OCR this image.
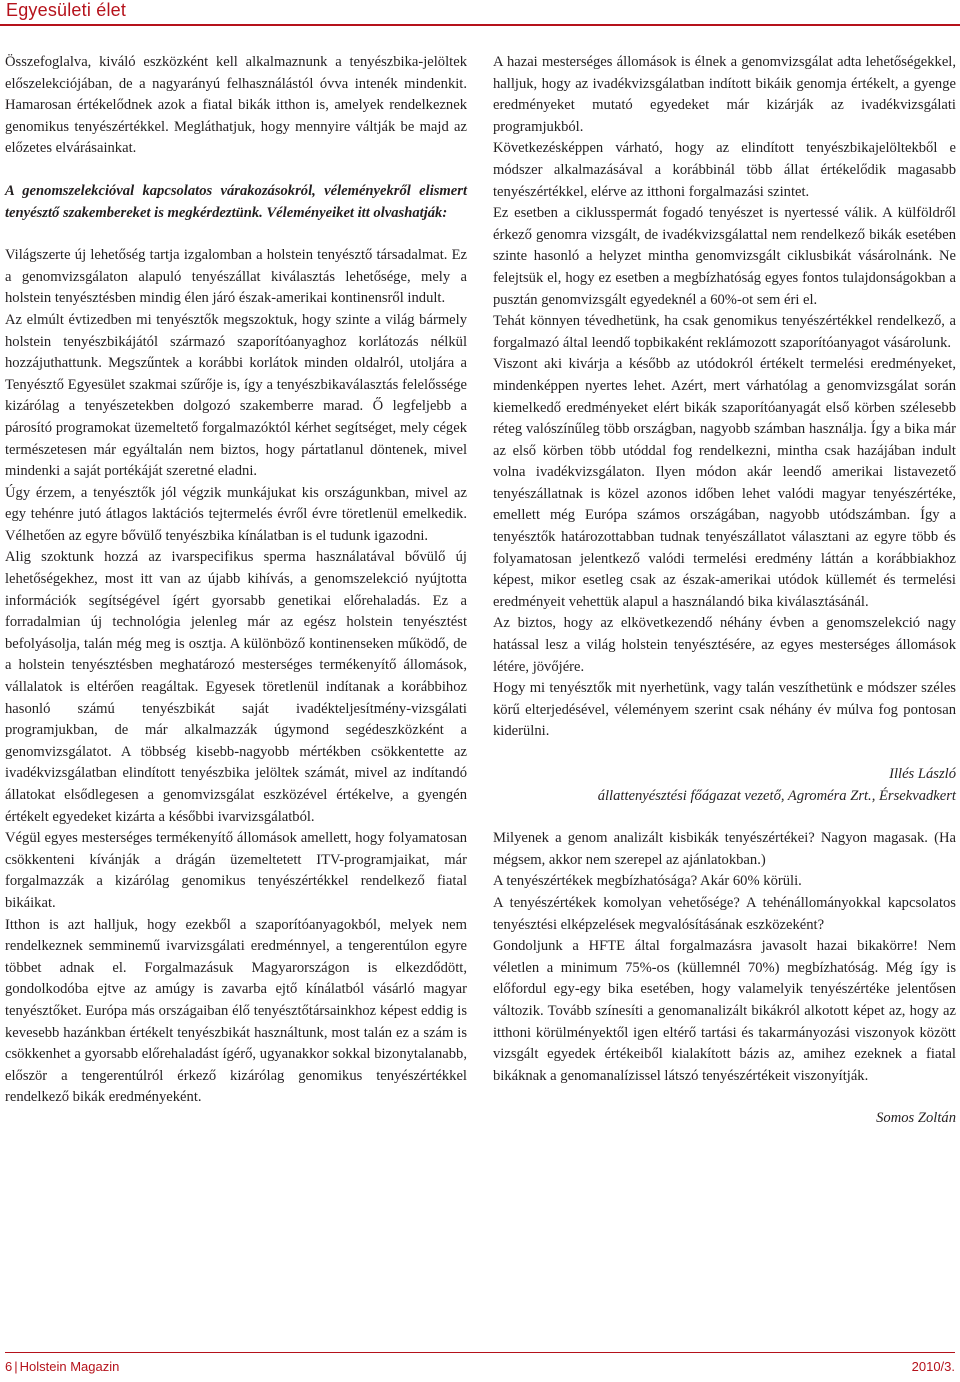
Egyesületi élet

Összefoglalva, kiváló eszközként kell alkalmaznunk a tenyészbika-jelöltek előszelekciójában, de a nagyarányú felhasználástól óvva intenék mindenkit. Hamarosan értékelődnek azok a fiatal bikák itthon is, amelyek rendelkeznek genomikus tenyészértékkel. Megláthatjuk, hogy mennyire váltják be majd az előzetes elvárásainkat.

A genomszelekcióval kapcsolatos várakozásokról, véleményekről elismert tenyésztő szakembereket is megkérdeztünk. Véleményeiket itt olvashatják:

Világszerte új lehetőség tartja izgalomban a holstein tenyésztő társadalmat. Ez a genomvizsgálaton alapuló tenyészállat kiválasztás lehetősége, mely a holstein tenyésztésben mindig élen járó észak-amerikai kontinensről indult.

Az elmúlt évtizedben mi tenyésztők megszoktuk, hogy szinte a világ bármely holstein tenyészbikájától származó szaporítóanyaghoz korlátozás nélkül hozzájuthattunk. Megszűntek a korábbi korlátok minden oldalról, utoljára a Tenyésztő Egyesület szakmai szűrője is, így a tenyészbikaválasztás felelőssége kizárólag a tenyészetekben dolgozó szakemberre marad. Ő legfeljebb a párosító programokat üzemeltető forgalmazóktól kérhet segítséget, mely cégek természetesen már egyáltalán nem biztos, hogy pártatlanul döntenek, mivel mindenki a saját portékáját szeretné eladni.

Úgy érzem, a tenyésztők jól végzik munkájukat kis országunkban, mivel az egy tehénre jutó átlagos laktációs tejtermelés évről évre töretlenül emelkedik. Vélhetően az egyre bővülő tenyészbika kínálatban is el tudunk igazodni.

Alig szoktunk hozzá az ivarspecifikus sperma használatával bővülő új lehetőségekhez, most itt van az újabb kihívás, a genomszelekció nyújtotta információk segítségével ígért gyorsabb genetikai előrehaladás. Ez a forradalmian új technológia jelenleg már az egész holstein tenyésztést befolyásolja, talán még meg is osztja. A különböző kontinenseken működő, de a holstein tenyésztésben meghatározó mesterséges termékenyítő állomások, vállalatok is eltérően reagáltak. Egyesek töretlenül indítanak a korábbihoz hasonló számú tenyészbikát saját ivadékteljesítmény-vizsgálati programjukban, de már alkalmazzák úgymond segédeszközként a genomvizsgálatot. A többség kisebb-nagyobb mértékben csökkentette az ivadékvizsgálatban elindított tenyészbika jelöltek számát, mivel az indítandó állatokat elsődlegesen a genomvizsgálat eszközével értékelve, a gyengén értékelt egyedeket kizárta a későbbi ivarvizsgálatból.

Végül egyes mesterséges termékenyítő állomások amellett, hogy folyamatosan csökkenteni kívánják a drágán üzemeltetett ITV-programjaikat, már forgalmazzák a kizárólag genomikus tenyészértékkel rendelkező fiatal bikáikat.

Itthon is azt halljuk, hogy ezekből a szaporítóanyagokból, melyek nem rendelkeznek semminemű ivarvizsgálati eredménnyel, a tengerentúlon egyre többet adnak el. Forgalmazásuk Magyarországon is elkezdődött, gondolkodóba ejtve az amúgy is zavarba ejtő kínálatból vásárló magyar tenyésztőket. Európa más országaiban élő tenyésztőtársainkhoz képest eddig is kevesebb hazánkban értékelt tenyészbikát használtunk, most talán ez a szám is csökkenhet a gyorsabb előrehaladást ígérő, ugyanakkor sokkal bizonytalanabb, először a tengerentúlról érkező kizárólag genomikus tenyészértékkel rendelkező bikák eredményeként.

A hazai mesterséges állomások is élnek a genomvizsgálat adta lehetőségekkel, halljuk, hogy az ivadékvizsgálatban indított bikáik genomja értékelt, a gyenge eredményeket mutató egyedeket már kizárják az ivadékvizsgálati programjukból.

Következésképpen várható, hogy az elindított tenyészbikajelöltekből e módszer alkalmazásával a korábbinál több állat értékelődik magasabb tenyészértékkel, elérve az itthoni forgalmazási szintet.

Ez esetben a ciklusspermát fogadó tenyészet is nyertessé válik. A külföldről érkező genomra vizsgált, de ivadékvizsgálattal nem rendelkező bikák esetében szinte hasonló a helyzet mintha genomvizsgált ciklusbikát vásárolnánk. Ne felejtsük el, hogy ez esetben a megbízhatóság egyes fontos tulajdonságokban a pusztán genomvizsgált egyedeknél a 60%-ot sem éri el.

Tehát könnyen tévedhetünk, ha csak genomikus tenyészértékkel rendelkező, a forgalmazó által leendő topbikaként reklámozott szaporítóanyagot vásárolunk.

Viszont aki kivárja a később az utódokról értékelt termelési eredményeket, mindenképpen nyertes lehet. Azért, mert várhatólag a genomvizsgálat során kiemelkedő eredményeket elért bikák szaporítóanyagát első körben szélesebb réteg valószínűleg több országban, nagyobb számban használja. Így a bika már az első körben több utóddal fog rendelkezni, mintha csak hazájában indult volna ivadékvizsgálaton. Ilyen módon akár leendő amerikai listavezető tenyészállatnak is közel azonos időben lehet valódi magyar tenyészértéke, emellett még Európa számos országában, nagyobb utódszámban. Így a tenyésztők határozottabban tudnak tenyészállatot választani az egyre több és folyamatosan jelentkező valódi termelési eredmény láttán a korábbiakhoz képest, mikor esetleg csak az észak-amerikai utódok küllemét és termelési eredményeit vehettük alapul a használandó bika kiválasztásánál.

Az biztos, hogy az elkövetkezendő néhány évben a genomszelekció nagy hatással lesz a világ holstein tenyésztésére, az egyes mesterséges állomások létére, jövőjére.

Hogy mi tenyésztők mit nyerhetünk, vagy talán veszíthetünk e módszer széles körű elterjedésével, véleményem szerint csak néhány év múlva fog pontosan kiderülni.

Illés László

állattenyésztési főágazat vezető, Agroméra Zrt., Érsekvadkert

Milyenek a genom analizált kisbikák tenyészértékei? Nagyon magasak. (Ha mégsem, akkor nem szerepel az ajánlatokban.)

A tenyészértékek megbízhatósága? Akár 60% körüli.

A tenyészértékek komolyan vehetősége? A tehénállományokkal kapcsolatos tenyésztési elképzelések megvalósításának eszközeként?

Gondoljunk a HFTE által forgalmazásra javasolt hazai bikakörre! Nem véletlen a minimum 75%-os (küllemnél 70%) megbízhatóság. Még így is előfordul egy-egy bika esetében, hogy valamelyik tenyészértéke jelentősen változik. Tovább színesíti a genomanalizált bikákról alkotott képet az, hogy az itthoni körülményektől igen eltérő tartási és takarmányozási viszonyok között vizsgált egyedek értékeiből kialakított bázis az, amihez ezeknek a fiatal bikáknak a genomanalízissel látszó tenyészértékeit viszonyítják.

Somos Zoltán

6 | Holstein Magazin	2010/3.
